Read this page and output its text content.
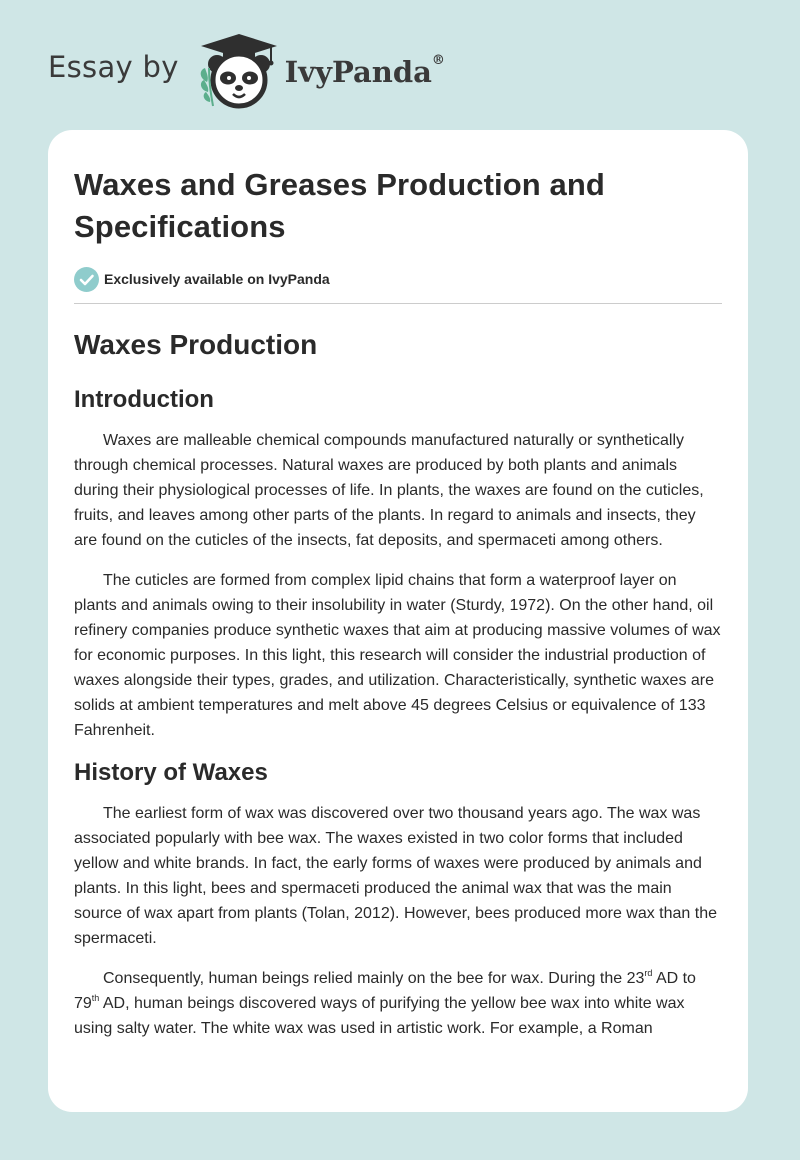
Essay by	IvyPanda®
Waxes and Greases Production and Specifications
Exclusively available on IvyPanda
Waxes Production
Introduction

Waxes are malleable chemical compounds manufactured naturally or synthetically through chemical processes. Natural waxes are produced by both plants and animals during their physiological processes of life. In plants, the waxes are found on the cuticles, fruits, and leaves among other parts of the plants. In regard to animals and insects, they are found on the cuticles of the insects, fat deposits, and spermaceti among others.

The cuticles are formed from complex lipid chains that form a waterproof layer on plants and animals owing to their insolubility in water (Sturdy, 1972). On the other hand, oil refinery companies produce synthetic waxes that aim at producing massive volumes of wax for economic purposes. In this light, this research will consider the industrial production of waxes alongside their types, grades, and utilization. Characteristically, synthetic waxes are solids at ambient temperatures and melt above 45 degrees Celsius or equivalence of 133 Fahrenheit.

History of Waxes

The earliest form of wax was discovered over two thousand years ago. The wax was associated popularly with bee wax. The waxes existed in two color forms that included yellow and white brands. In fact, the early forms of waxes were produced by animals and plants. In this light, bees and spermaceti produced the animal wax that was the main source of wax apart from plants (Tolan, 2012). However, bees produced more wax than the spermaceti.

Consequently, human beings relied mainly on the bee for wax. During the 23rd AD to 79th AD, human beings discovered ways of purifying the yellow bee wax into white wax using salty water. The white wax was used in artistic work. For example, a Roman
